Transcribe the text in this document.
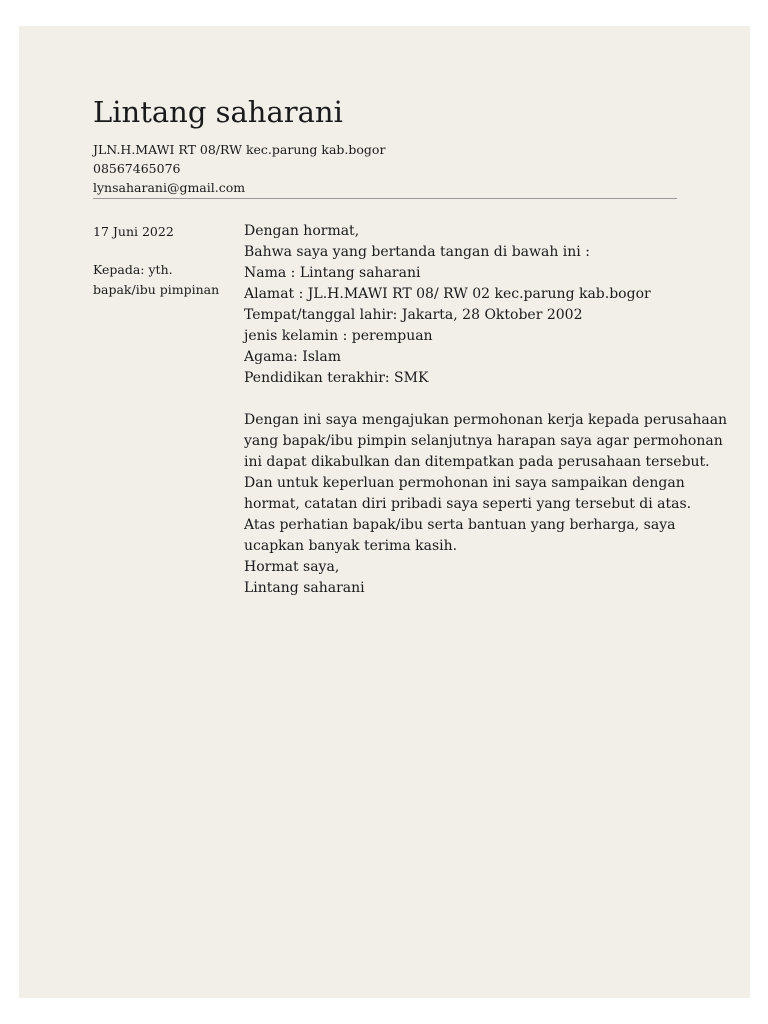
Lintang saharani
JLN.H.MAWI RT 08/RW kec.parung kab.bogor
08567465076
lynsaharani@gmail.com
17 Juni 2022
Kepada: yth. bapak/ibu pimpinan

Dengan hormat,

Bahwa saya yang bertanda tangan di bawah ini :

Nama : Lintang saharani

Alamat : JL.H.MAWI RT 08/ RW 02 kec.parung kab.bogor

Tempat/tanggal lahir: Jakarta, 28 Oktober 2002

jenis kelamin : perempuan

Agama: Islam

Pendidikan terakhir: SMK

Dengan ini saya mengajukan permohonan kerja kepada perusahaan

yang bapak/ibu pimpin selanjutnya harapan saya agar permohonan

ini dapat dikabulkan dan ditempatkan pada perusahaan tersebut.

Dan untuk keperluan permohonan ini saya sampaikan dengan

hormat, catatan diri pribadi saya seperti yang tersebut di atas.

Atas perhatian bapak/ibu serta bantuan yang berharga, saya

ucapkan banyak terima kasih.

Hormat saya,

Lintang saharani
